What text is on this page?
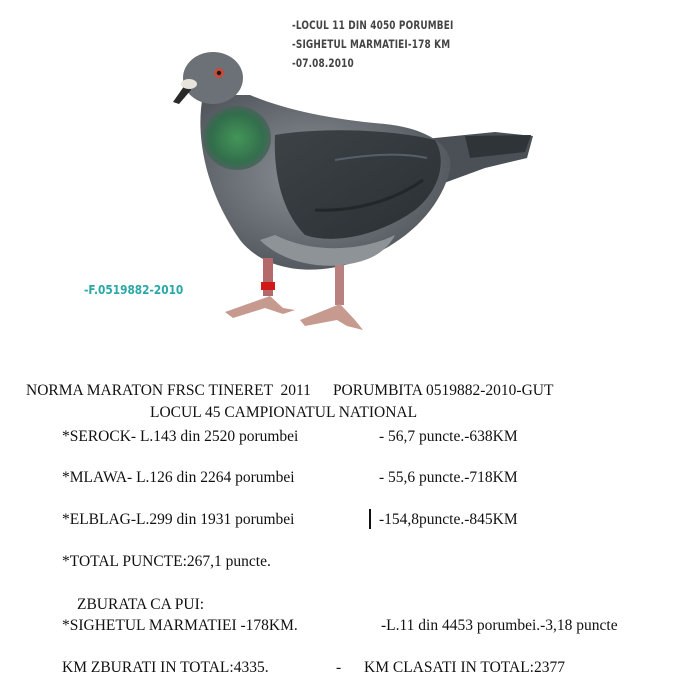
-LOCUL 11 DIN 4050 PORUMBEI
-SIGHETUL MARMATIEI-178 KM
-07.08.2010
-F.0519882-2010
NORMA MARATON FRSC TINERET  2011 PORUMBITA 0519882-2010-GUT
LOCUL 45 CAMPIONATUL NATIONAL
*SEROCK- L.143 din 2520 porumbei	- 56,7 puncte.-638KM
*MLAWA- L.126 din 2264 porumbei	- 55,6 puncte.-718KM
*ELBLAG-L.299 din 1931 porumbei	-154,8puncte.-845KM
*TOTAL PUNCTE:267,1 puncte.
ZBURATA CA PUI:
*SIGHETUL MARMATIEI -178KM.	-L.11 din 4453 porumbei.-3,18 puncte
KM ZBURATI IN TOTAL:4335.	- KM CLASATI IN TOTAL:2377
